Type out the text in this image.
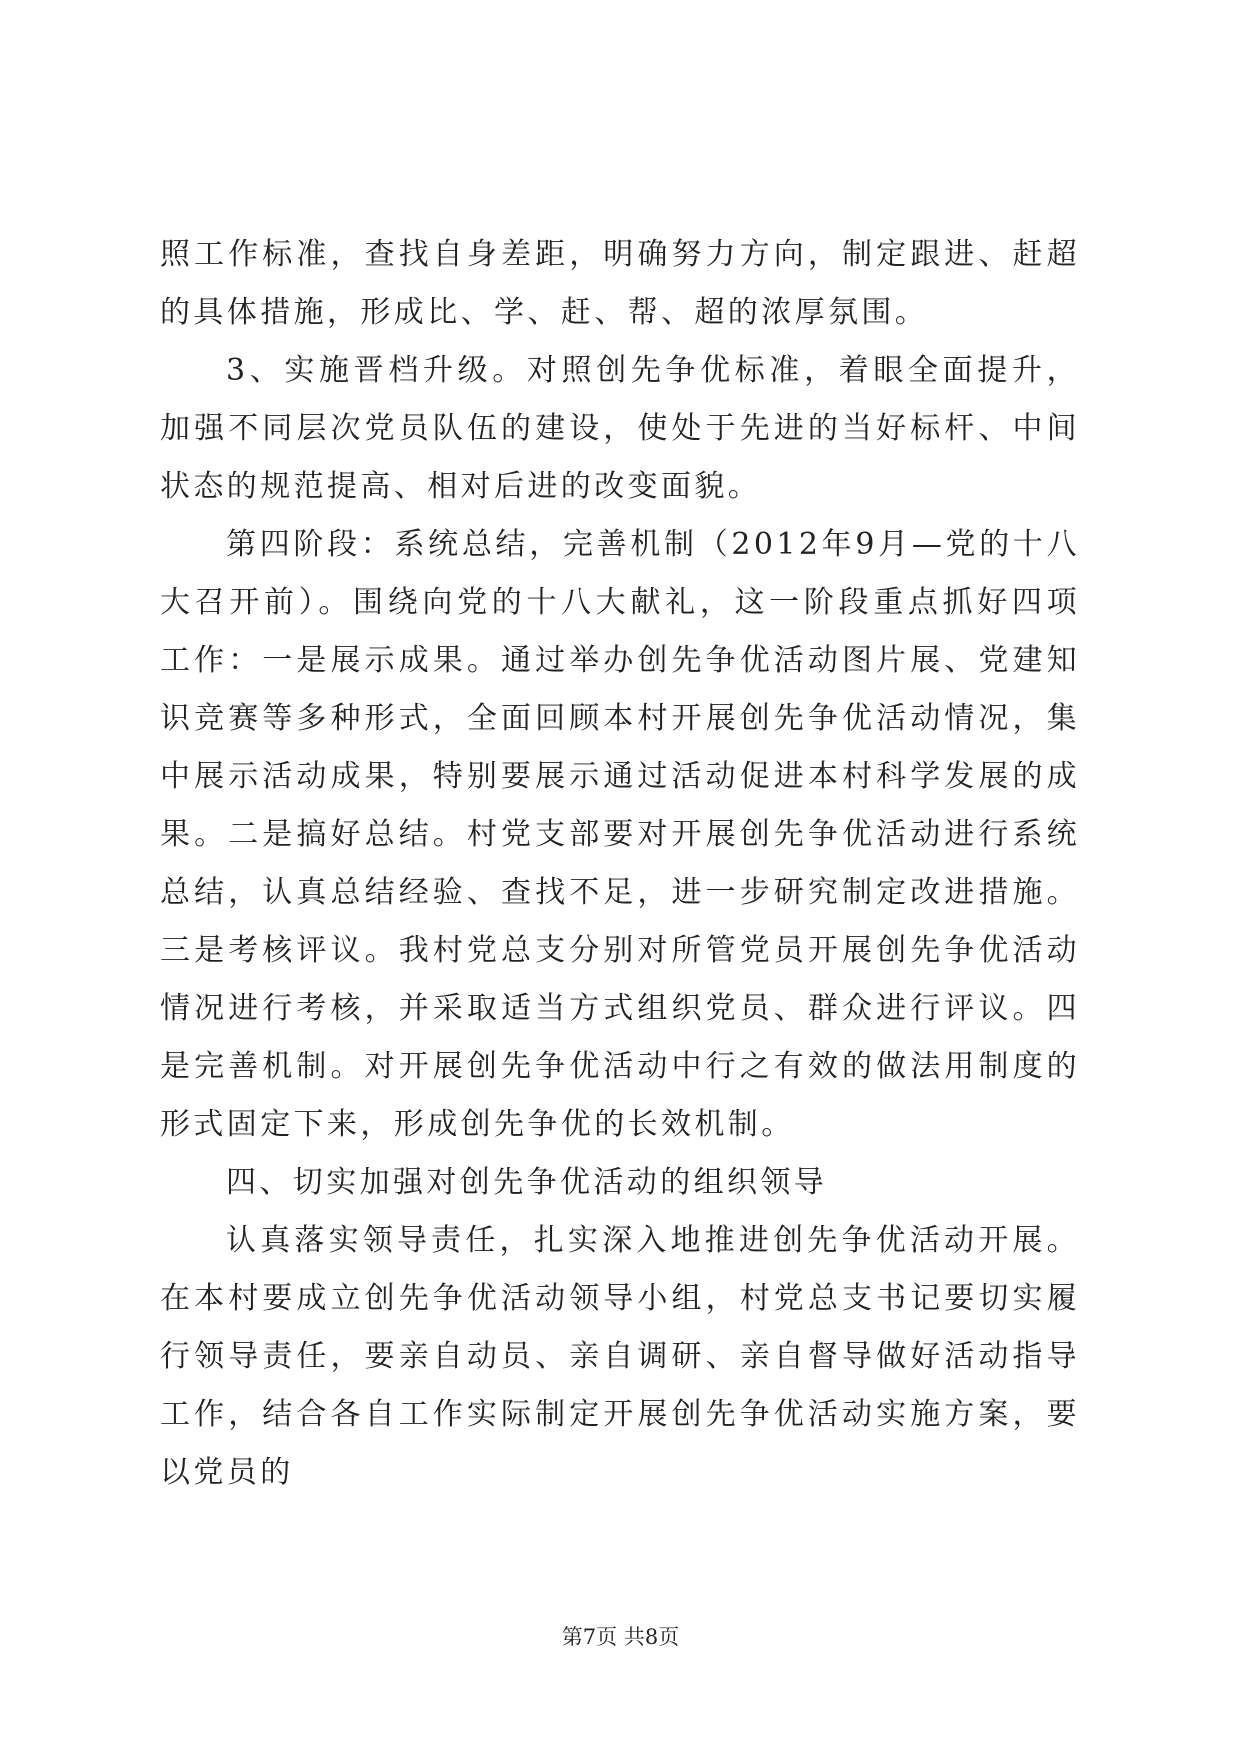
照工作标准，查找自身差距，明确努力方向，制定跟进、赶超的具体措施，形成比、学、赶、帮、超的浓厚氛围。

3、实施晋档升级。对照创先争优标准，着眼全面提升，加强不同层次党员队伍的建设，使处于先进的当好标杆、中间状态的规范提高、相对后进的改变面貌。

第四阶段：系统总结，完善机制（2012年9月—党的十八大召开前）。围绕向党的十八大献礼，这一阶段重点抓好四项工作：一是展示成果。通过举办创先争优活动图片展、党建知识竞赛等多种形式，全面回顾本村开展创先争优活动情况，集中展示活动成果，特别要展示通过活动促进本村科学发展的成果。二是搞好总结。村党支部要对开展创先争优活动进行系统总结，认真总结经验、查找不足，进一步研究制定改进措施。三是考核评议。我村党总支分别对所管党员开展创先争优活动情况进行考核，并采取适当方式组织党员、群众进行评议。四是完善机制。对开展创先争优活动中行之有效的做法用制度的形式固定下来，形成创先争优的长效机制。

四、切实加强对创先争优活动的组织领导

认真落实领导责任，扎实深入地推进创先争优活动开展。在本村要成立创先争优活动领导小组，村党总支书记要切实履行领导责任，要亲自动员、亲自调研、亲自督导做好活动指导工作，结合各自工作实际制定开展创先争优活动实施方案，要以党员的

第7页 共8页
